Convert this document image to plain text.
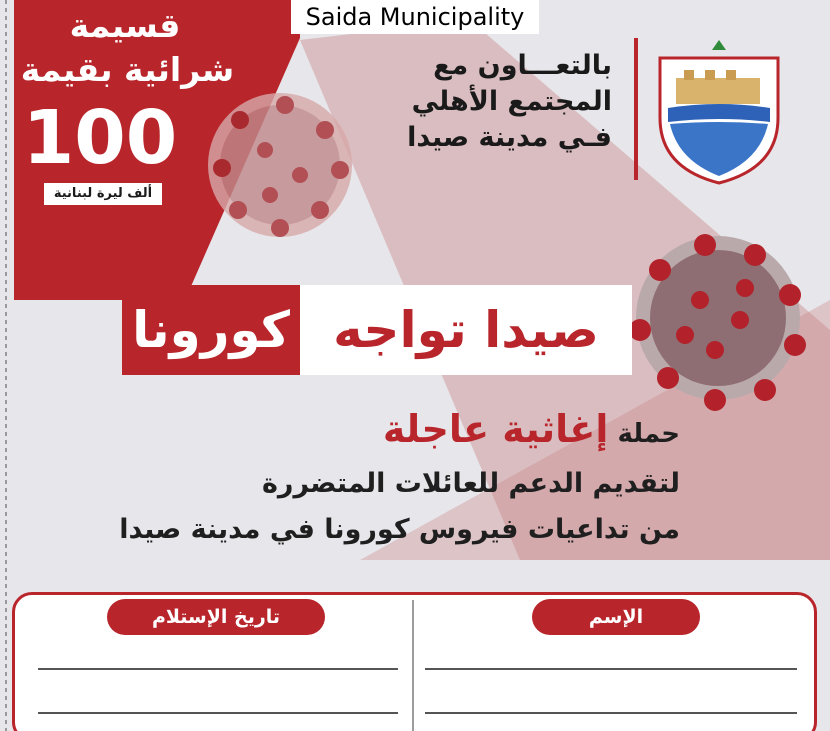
Saida Municipality
قسيمة
شرائية بقيمة
100
ألف ليرة لبنانية
بالتعـــاون مع
المجتمع الأهلي
فـي مدينة صيدا
صيدا تواجه
كورونا
حملة إغاثية عاجلة
لتقديم الدعم للعائلات المتضررة
من تداعيات فيروس كورونا في مدينة صيدا
تاريخ الإستلام	الإسم
